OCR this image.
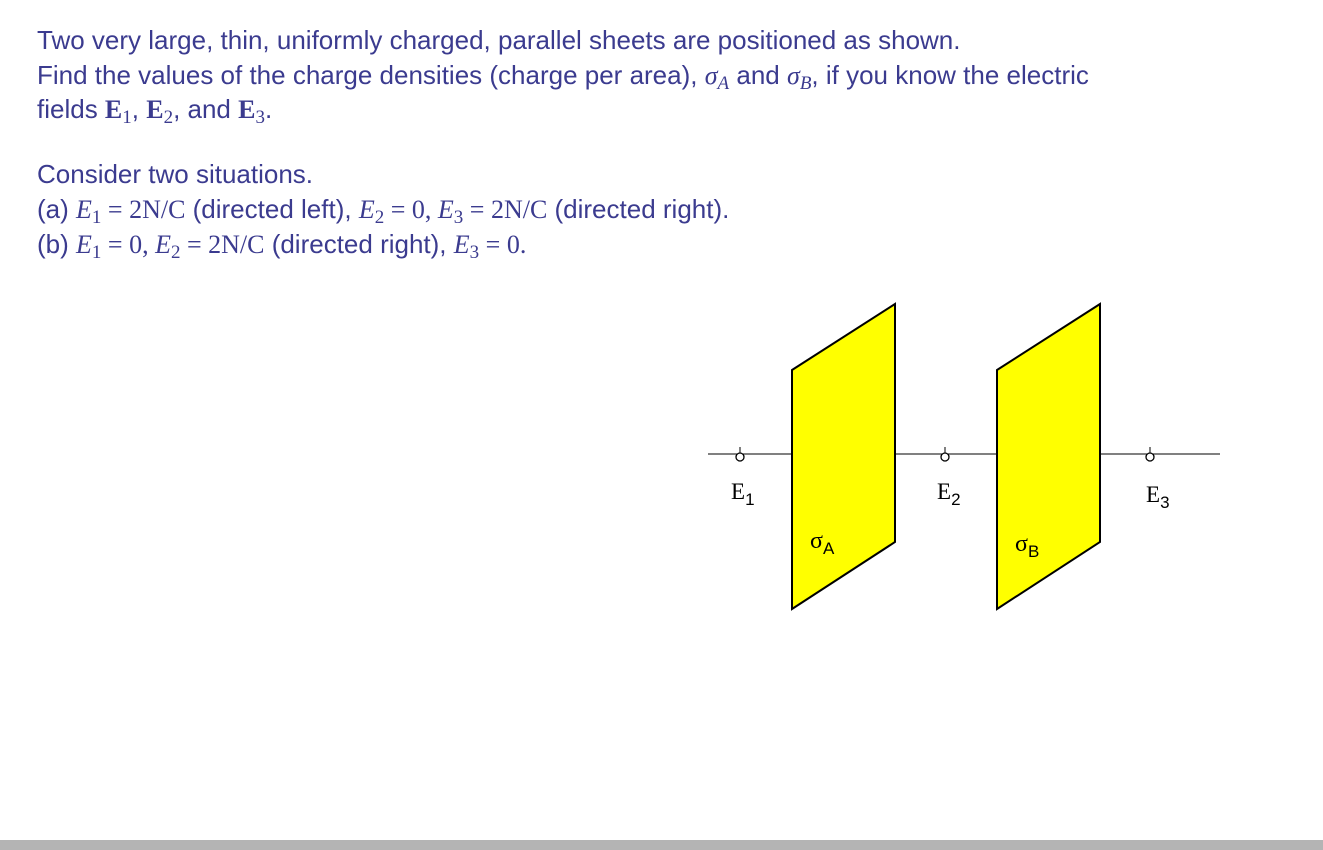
Two very large, thin, uniformly charged, parallel sheets are positioned as shown.
Find the values of the charge densities (charge per area), $\sigma_A$ and $\sigma_B$, if you know the electric
fields $E_1$, $E_2$, and $E_3$.
Consider two situations.
(a) $E_1 = 2N/C$ (directed left), $E_2 = 0$, $E_3 = 2N/C$ (directed right).
(b) $E_1 = 0$, $E_2 = 2N/C$ (directed right), $E_3 = 0$.
$E_1$	$E_2$	$E_3$
$\sigma_A$	$\sigma_B$
